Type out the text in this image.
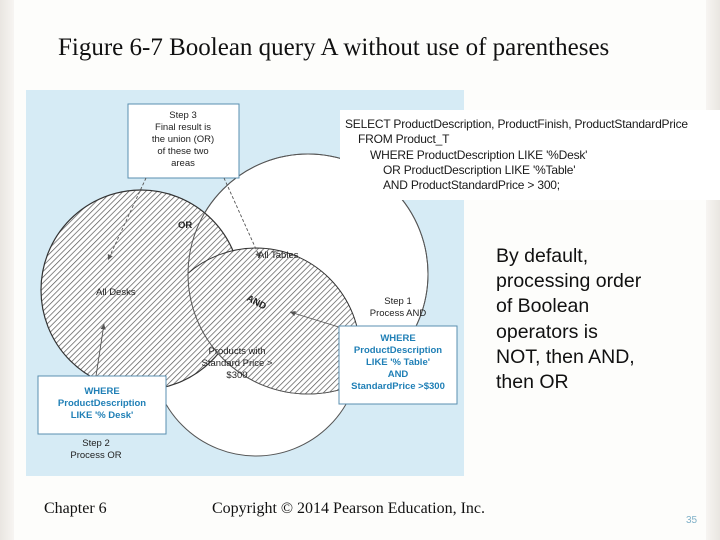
Figure 6-7 Boolean query A without use of parentheses
Step 3 Final result is the union (OR) of these two areas
OR
All Tables
All Desks
AND	Step 1 Process AND
Products with Standard Price > $300
WHERE ProductDescription LIKE '% Table' AND StandardPrice >$300
WHERE ProductDescription LIKE '% Desk'
Step 2 Process OR
SELECT ProductDescription, ProductFinish, ProductStandardPrice
FROM Product_T
WHERE ProductDescription LIKE '%Desk'
OR ProductDescription LIKE '%Table'
AND ProductStandardPrice > 300;
By default,
processing order
of Boolean
operators is
NOT, then AND,
then OR
Chapter 6	Copyright © 2014 Pearson Education, Inc.
35
